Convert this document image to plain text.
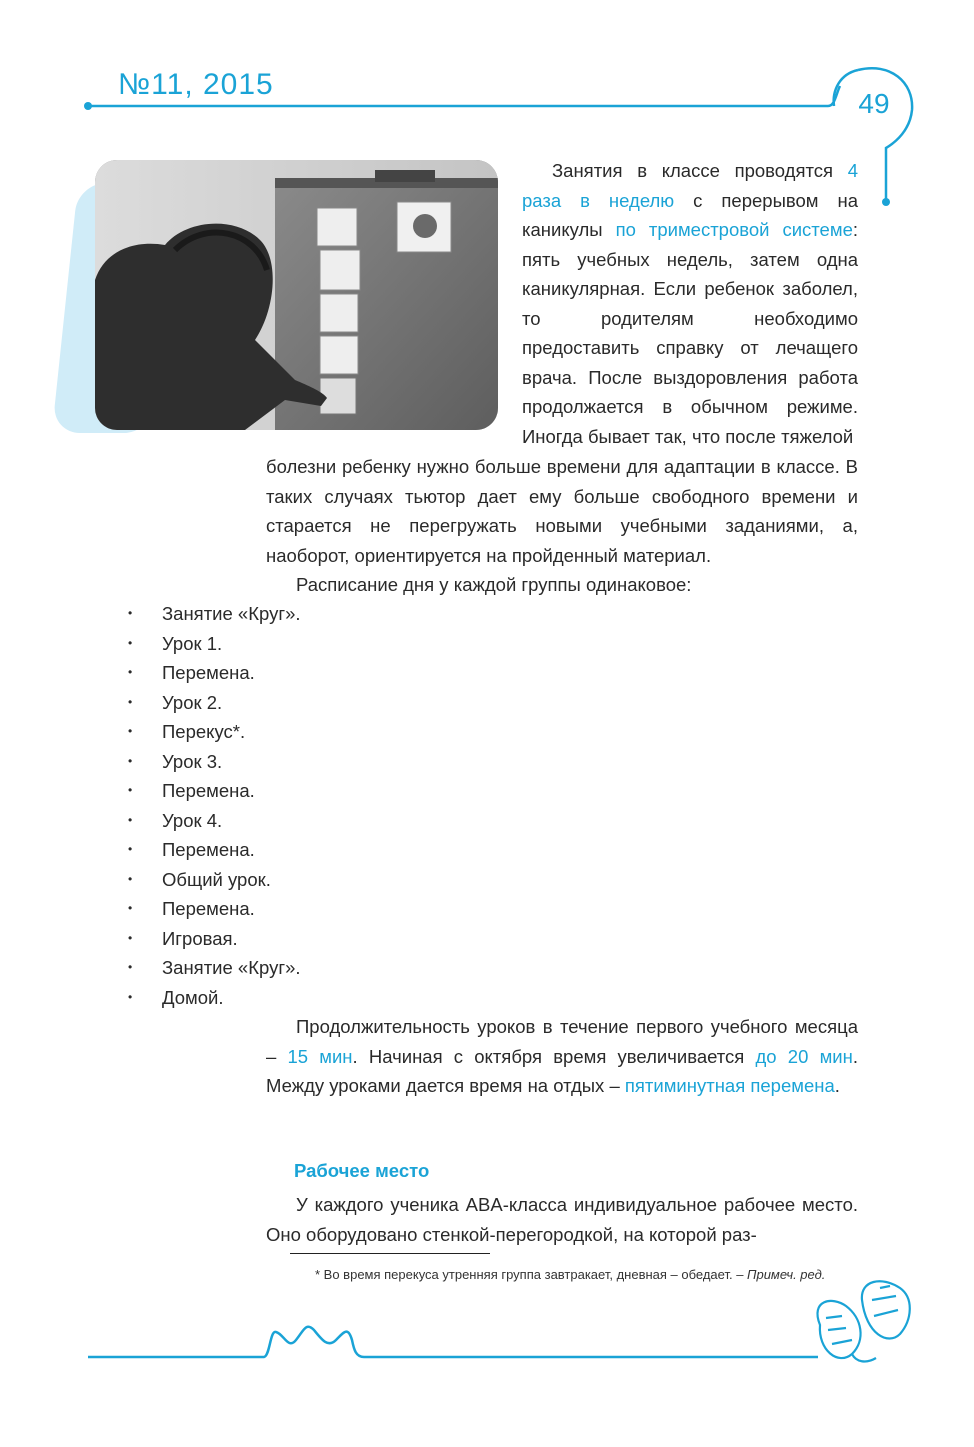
№11, 2015
49

Занятия в классе проводятся 4 раза в неделю с перерывом на каникулы по триместровой системе: пять учебных недель, затем одна каникулярная. Если ребенок заболел, то родителям необходимо предоставить справку от лечащего врача. После выздоровления работа продолжается в обычном режиме. Иногда бывает так, что после тяжелой

болезни ребенку нужно больше времени для адаптации в классе. В таких случаях тьютор дает ему больше свободного времени и старается не перегружать новыми учебными заданиями, а, наоборот, ориентируется на пройденный материал.

Расписание дня у каждой группы одинаковое:

• Занятие «Круг».
• Урок 1.
• Перемена.
• Урок 2.
• Перекус*.
• Урок 3.
• Перемена.
• Урок 4.
• Перемена.
• Общий урок.
• Перемена.
• Игровая.
• Занятие «Круг».
• Домой.

Продолжительность уроков в течение первого учебного месяца – 15 мин. Начиная с октября время увеличивается до 20 мин. Между уроками дается время на отдых – пятиминутная перемена.

Рабочее место

У каждого ученика ABA-класса индивидуальное рабочее место. Оно оборудовано стенкой-перегородкой, на которой раз-

* Во время перекуса утренняя группа завтракает, дневная – обедает. – Примеч. ред.
